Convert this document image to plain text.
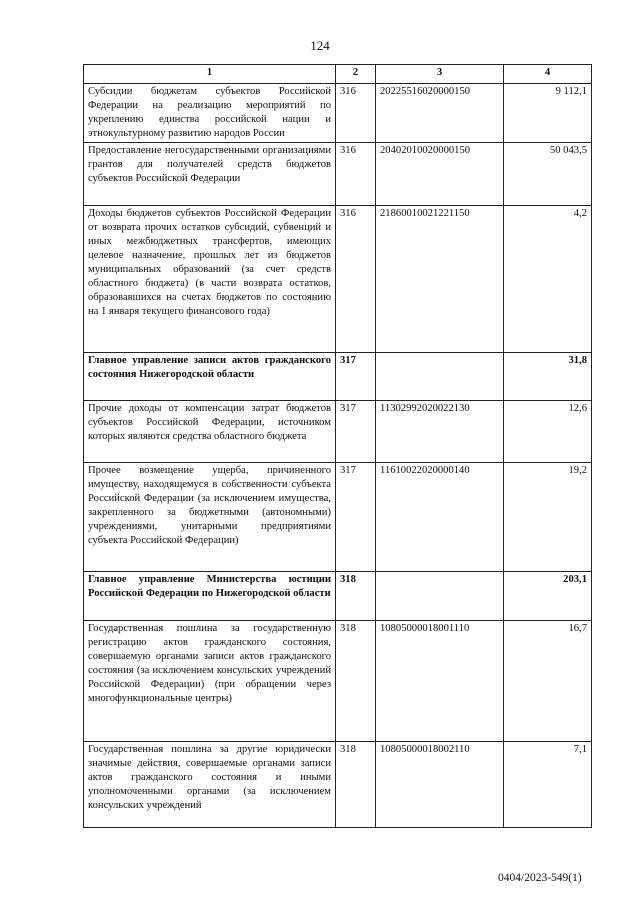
124
1	2	3	4
Субсидии бюджетам субъектов Российской Федерации на реализацию мероприятий по укреплению единства российской нации и этнокультурному развитию народов России	316	20225516020000150	9 112,1
Предоставление негосударственными организациями грантов для получателей средств бюджетов субъектов Российской Федерации	316	20402010020000150	50 043,5
Доходы бюджетов субъектов Российской Федерации от возврата прочих остатков субсидий, субвенций и иных межбюджетных трансфертов, имеющих целевое назначение, прошлых лет из бюджетов муниципальных образований (за счет средств областного бюджета) (в части возврата остатков, образовавшихся на счетах бюджетов по состоянию на 1 января текущего финансового года)	316	21860010021221150	4,2
Главное управление записи актов гражданского состояния Нижегородской области	317		31,8
Прочие доходы от компенсации затрат бюджетов субъектов Российской Федерации, источником которых являются средства областного бюджета	317	11302992020022130	12,6
Прочее возмещение ущерба, причиненного имуществу, находящемуся в собственности субъекта Российской Федерации (за исключением имущества, закрепленного за бюджетными (автономными) учреждениями, унитарными предприятиями субъекта Российской Федерации)	317	11610022020000140	19,2
Главное управление Министерства юстиции Российской Федерации по Нижегородской области	318		203,1
Государственная пошлина за государственную регистрацию актов гражданского состояния, совершаемую органами записи актов гражданского состояния (за исключением консульских учреждений Российской Федерации) (при обращении через многофункциональные центры)	318	10805000018001110	16,7
Государственная пошлина за другие юридически значимые действия, совершаемые органами записи актов гражданского состояния и иными уполномоченными органами (за исключением консульских учреждений	318	10805000018002110	7,1
0404/2023-549(1)
